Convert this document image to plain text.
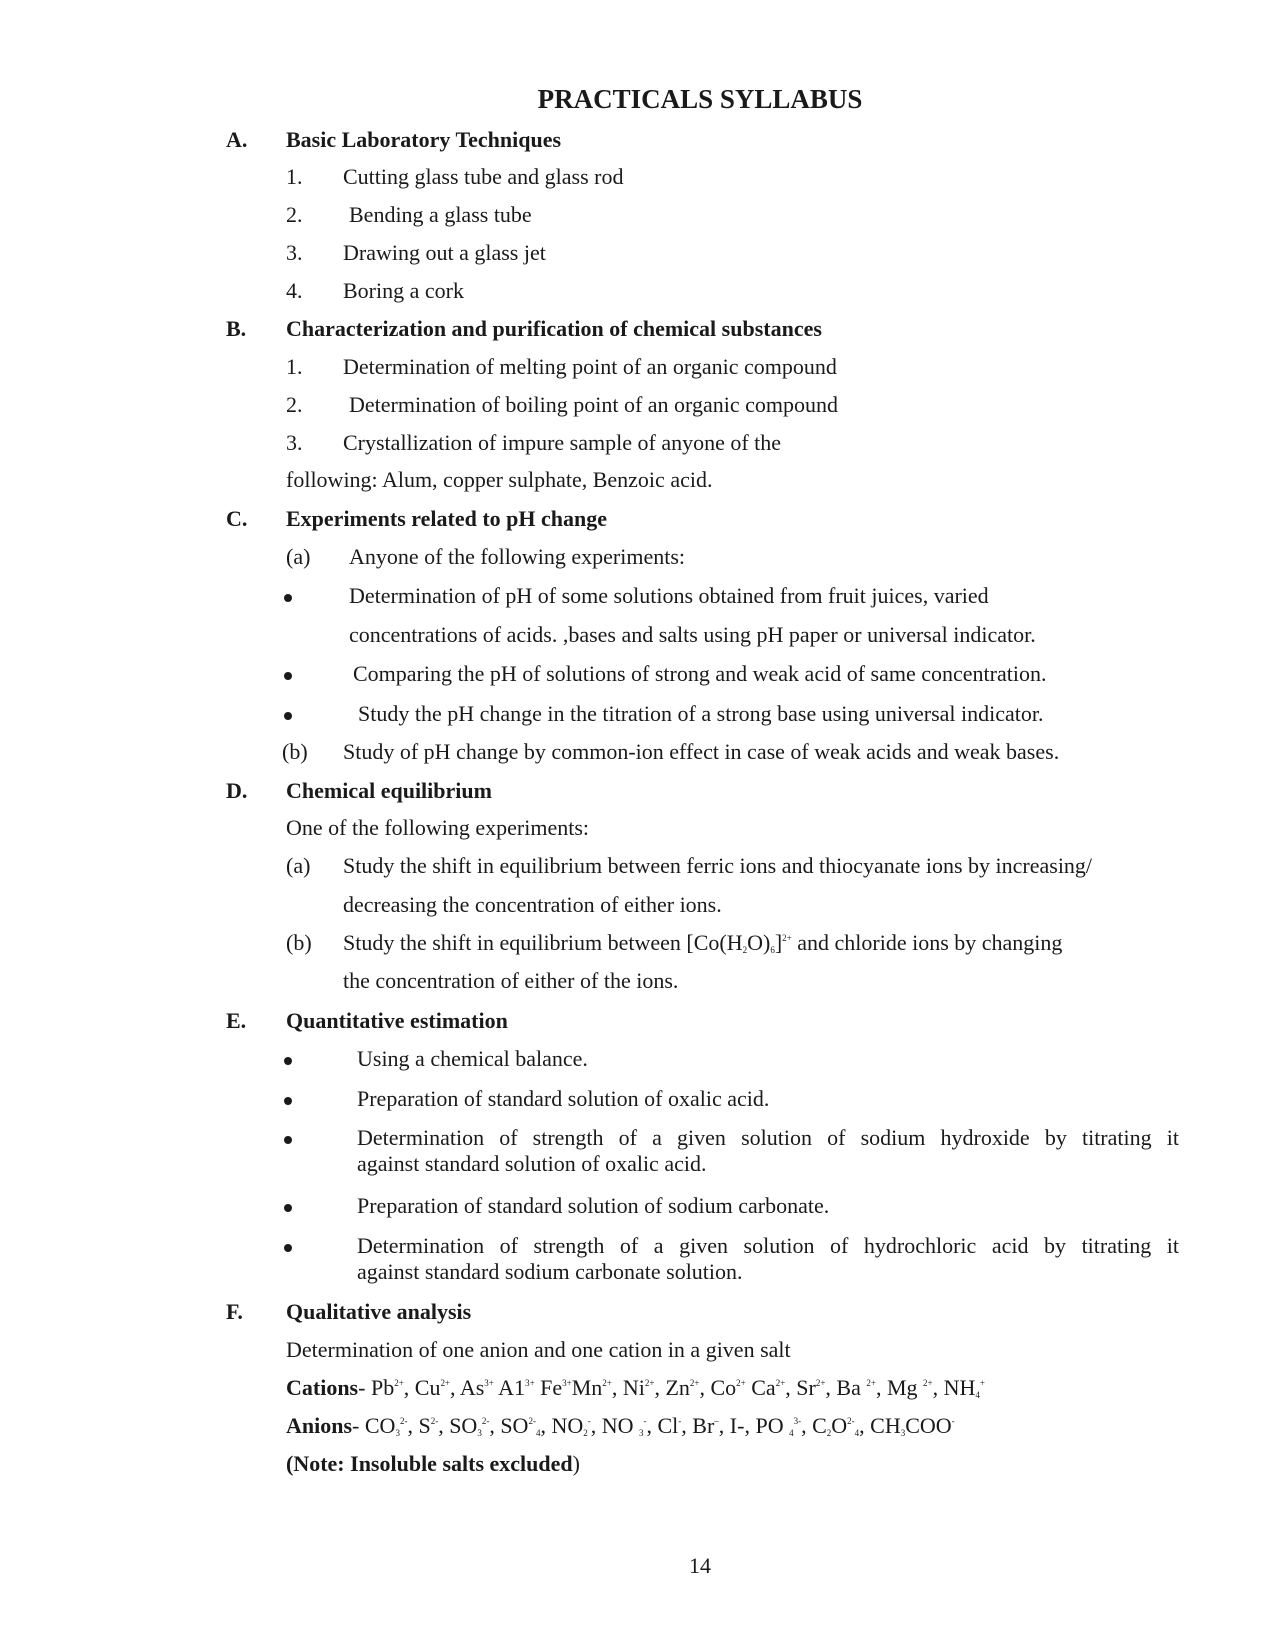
PRACTICALS SYLLABUS
A. Basic Laboratory Techniques
1. Cutting glass tube and glass rod
2. Bending a glass tube
3. Drawing out a glass jet
4. Boring a cork
B. Characterization and purification of chemical substances
1. Determination of melting point of an organic compound
2. Determination of boiling point of an organic compound
3. Crystallization of impure sample of anyone of the
following: Alum, copper sulphate, Benzoic acid.
C. Experiments related to pH change
(a) Anyone of the following experiments:
Determination of pH of some solutions obtained from fruit juices, varied
concentrations of acids. ,bases and salts using pH paper or universal indicator.
Comparing the pH of solutions of strong and weak acid of same concentration.
Study the pH change in the titration of a strong base using universal indicator.
(b) Study of pH change by common-ion effect in case of weak acids and weak bases.
D. Chemical equilibrium
One of the following experiments:
(a) Study the shift in equilibrium between ferric ions and thiocyanate ions by increasing/
decreasing the concentration of either ions.
(b) Study the shift in equilibrium between $[Co(H_2O)_6]^{2+}$ and chloride ions by changing
the concentration of either of the ions.
E. Quantitative estimation
Using a chemical balance.
Preparation of standard solution of oxalic acid.
Determination of strength of a given solution of sodium hydroxide by titrating it
against standard solution of oxalic acid.
Preparation of standard solution of sodium carbonate.
Determination of strength of a given solution of hydrochloric acid by titrating it
against standard sodium carbonate solution.
F. Qualitative analysis
Determination of one anion and one cation in a given salt
Cations- $Pb^{2+}$, $Cu^{2+}$, $As^{3+}$ $A1^{3+}$ $Fe^{3+}Mn^{2+}$, $Ni^{2+}$, $Zn^{2+}$, $Co^{2+}$ $Ca^{2+}$, $Sr^{2+}$, Ba $^{2+}$, Mg $^{2+}$, $NH_4^+$
Anions- $CO_3^{2-}$, $S^{2-}$, $SO_3^{2-}$, $SO^{2-}_4$, $NO_2^-$, NO $_3$-, Cl-, Br–, I-, PO $_4^{3-}$, $C_2O^{2-}_4$, $CH_3COO^-$
(Note: Insoluble salts excluded)
14
